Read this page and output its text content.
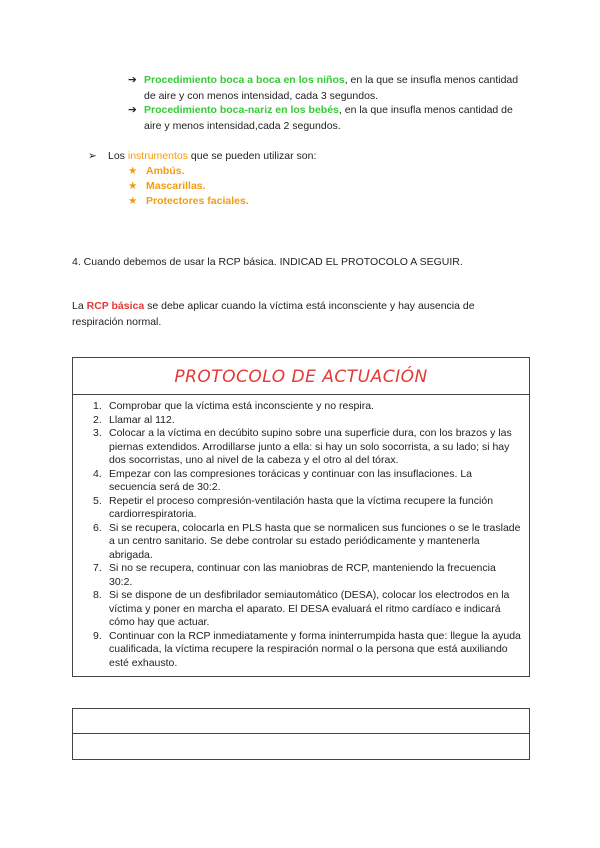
➔ Procedimiento boca a boca en los niños, en la que se insufla menos cantidad de aire y con menos intensidad, cada 3 segundos.
➔ Procedimiento boca-nariz en los bebés, en la que insufla menos cantidad de aire y menos intensidad,cada 2 segundos.
➢ Los instrumentos que se pueden utilizar son:
★ Ambús.
★ Mascarillas.
★ Protectores faciales.
4. Cuando debemos de usar la RCP básica. INDICAD EL PROTOCOLO A SEGUIR.
La RCP básica se debe aplicar cuando la víctima está inconsciente y hay ausencia de respiración normal.
PROTOCOLO DE ACTUACIÓN
1. Comprobar que la víctima está inconsciente y no respira.
2. Llamar al 112.
3. Colocar a la víctima en decúbito supino sobre una superficie dura, con los brazos y las piernas extendidos. Arrodillarse junto a ella: si hay un solo socorrista, a su lado; si hay dos socorristas, uno al nivel de la cabeza y el otro al del tórax.
4. Empezar con las compresiones torácicas y continuar con las insuflaciones. La secuencia será de 30:2.
5. Repetir el proceso compresión-ventilación hasta que la víctima recupere la función cardiorrespiratoria.
6. Si se recupera, colocarla en PLS hasta que se normalicen sus funciones o se le traslade a un centro sanitario. Se debe controlar su estado periódicamente y mantenerla abrigada.
7. Si no se recupera, continuar con las maniobras de RCP, manteniendo la frecuencia 30:2.
8. Si se dispone de un desfibrilador semiautomático (DESA), colocar los electrodos en la víctima y poner en marcha el aparato. El DESA evaluará el ritmo cardíaco e indicará cómo hay que actuar.
9. Continuar con la RCP inmediatamente y forma ininterrumpida hasta que: llegue la ayuda cualificada, la víctima recupere la respiración normal o la persona que está auxiliando esté exhausto.
